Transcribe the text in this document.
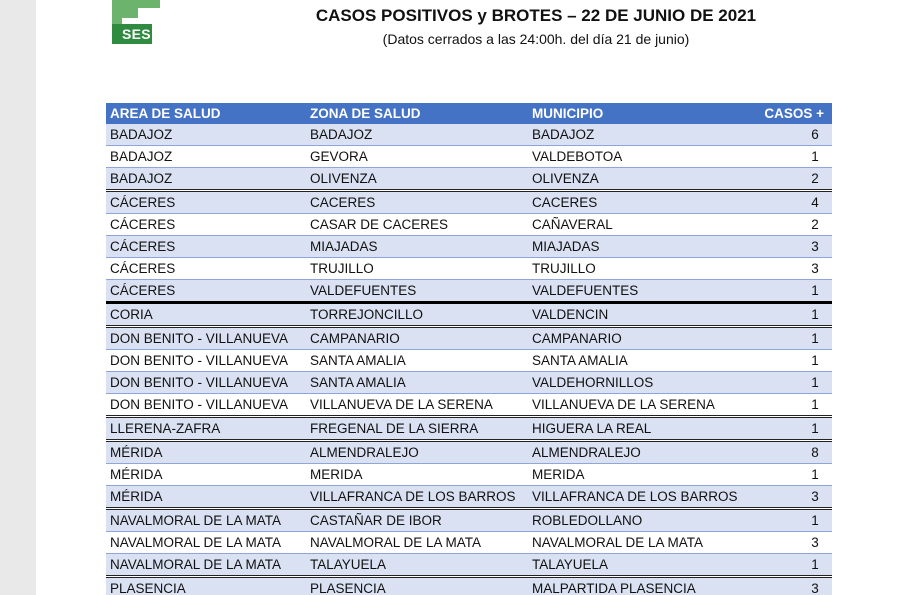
SES
CASOS POSITIVOS y BROTES – 22 DE JUNIO DE 2021

(Datos cerrados a las 24:00h. del día 21 de junio)

AREA DE SALUD	ZONA DE SALUD	MUNICIPIO	CASOS +
BADAJOZ	BADAJOZ	BADAJOZ	6
BADAJOZ	GEVORA	VALDEBOTOA	1
BADAJOZ	OLIVENZA	OLIVENZA	2
CÁCERES	CACERES	CACERES	4
CÁCERES	CASAR DE CACERES	CAÑAVERAL	2
CÁCERES	MIAJADAS	MIAJADAS	3
CÁCERES	TRUJILLO	TRUJILLO	3
CÁCERES	VALDEFUENTES	VALDEFUENTES	1
CORIA	TORREJONCILLO	VALDENCIN	1
DON BENITO - VILLANUEVA	CAMPANARIO	CAMPANARIO	1
DON BENITO - VILLANUEVA	SANTA AMALIA	SANTA AMALIA	1
DON BENITO - VILLANUEVA	SANTA AMALIA	VALDEHORNILLOS	1
DON BENITO - VILLANUEVA	VILLANUEVA DE LA SERENA	VILLANUEVA DE LA SERENA	1
LLERENA-ZAFRA	FREGENAL DE LA SIERRA	HIGUERA LA REAL	1
MÉRIDA	ALMENDRALEJO	ALMENDRALEJO	8
MÉRIDA	MERIDA	MERIDA	1
MÉRIDA	VILLAFRANCA DE LOS BARROS	VILLAFRANCA DE LOS BARROS	3
NAVALMORAL DE LA MATA	CASTAÑAR DE IBOR	ROBLEDOLLANO	1
NAVALMORAL DE LA MATA	NAVALMORAL DE LA MATA	NAVALMORAL DE LA MATA	3
NAVALMORAL DE LA MATA	TALAYUELA	TALAYUELA	1
PLASENCIA	PLASENCIA	MALPARTIDA PLASENCIA	3
